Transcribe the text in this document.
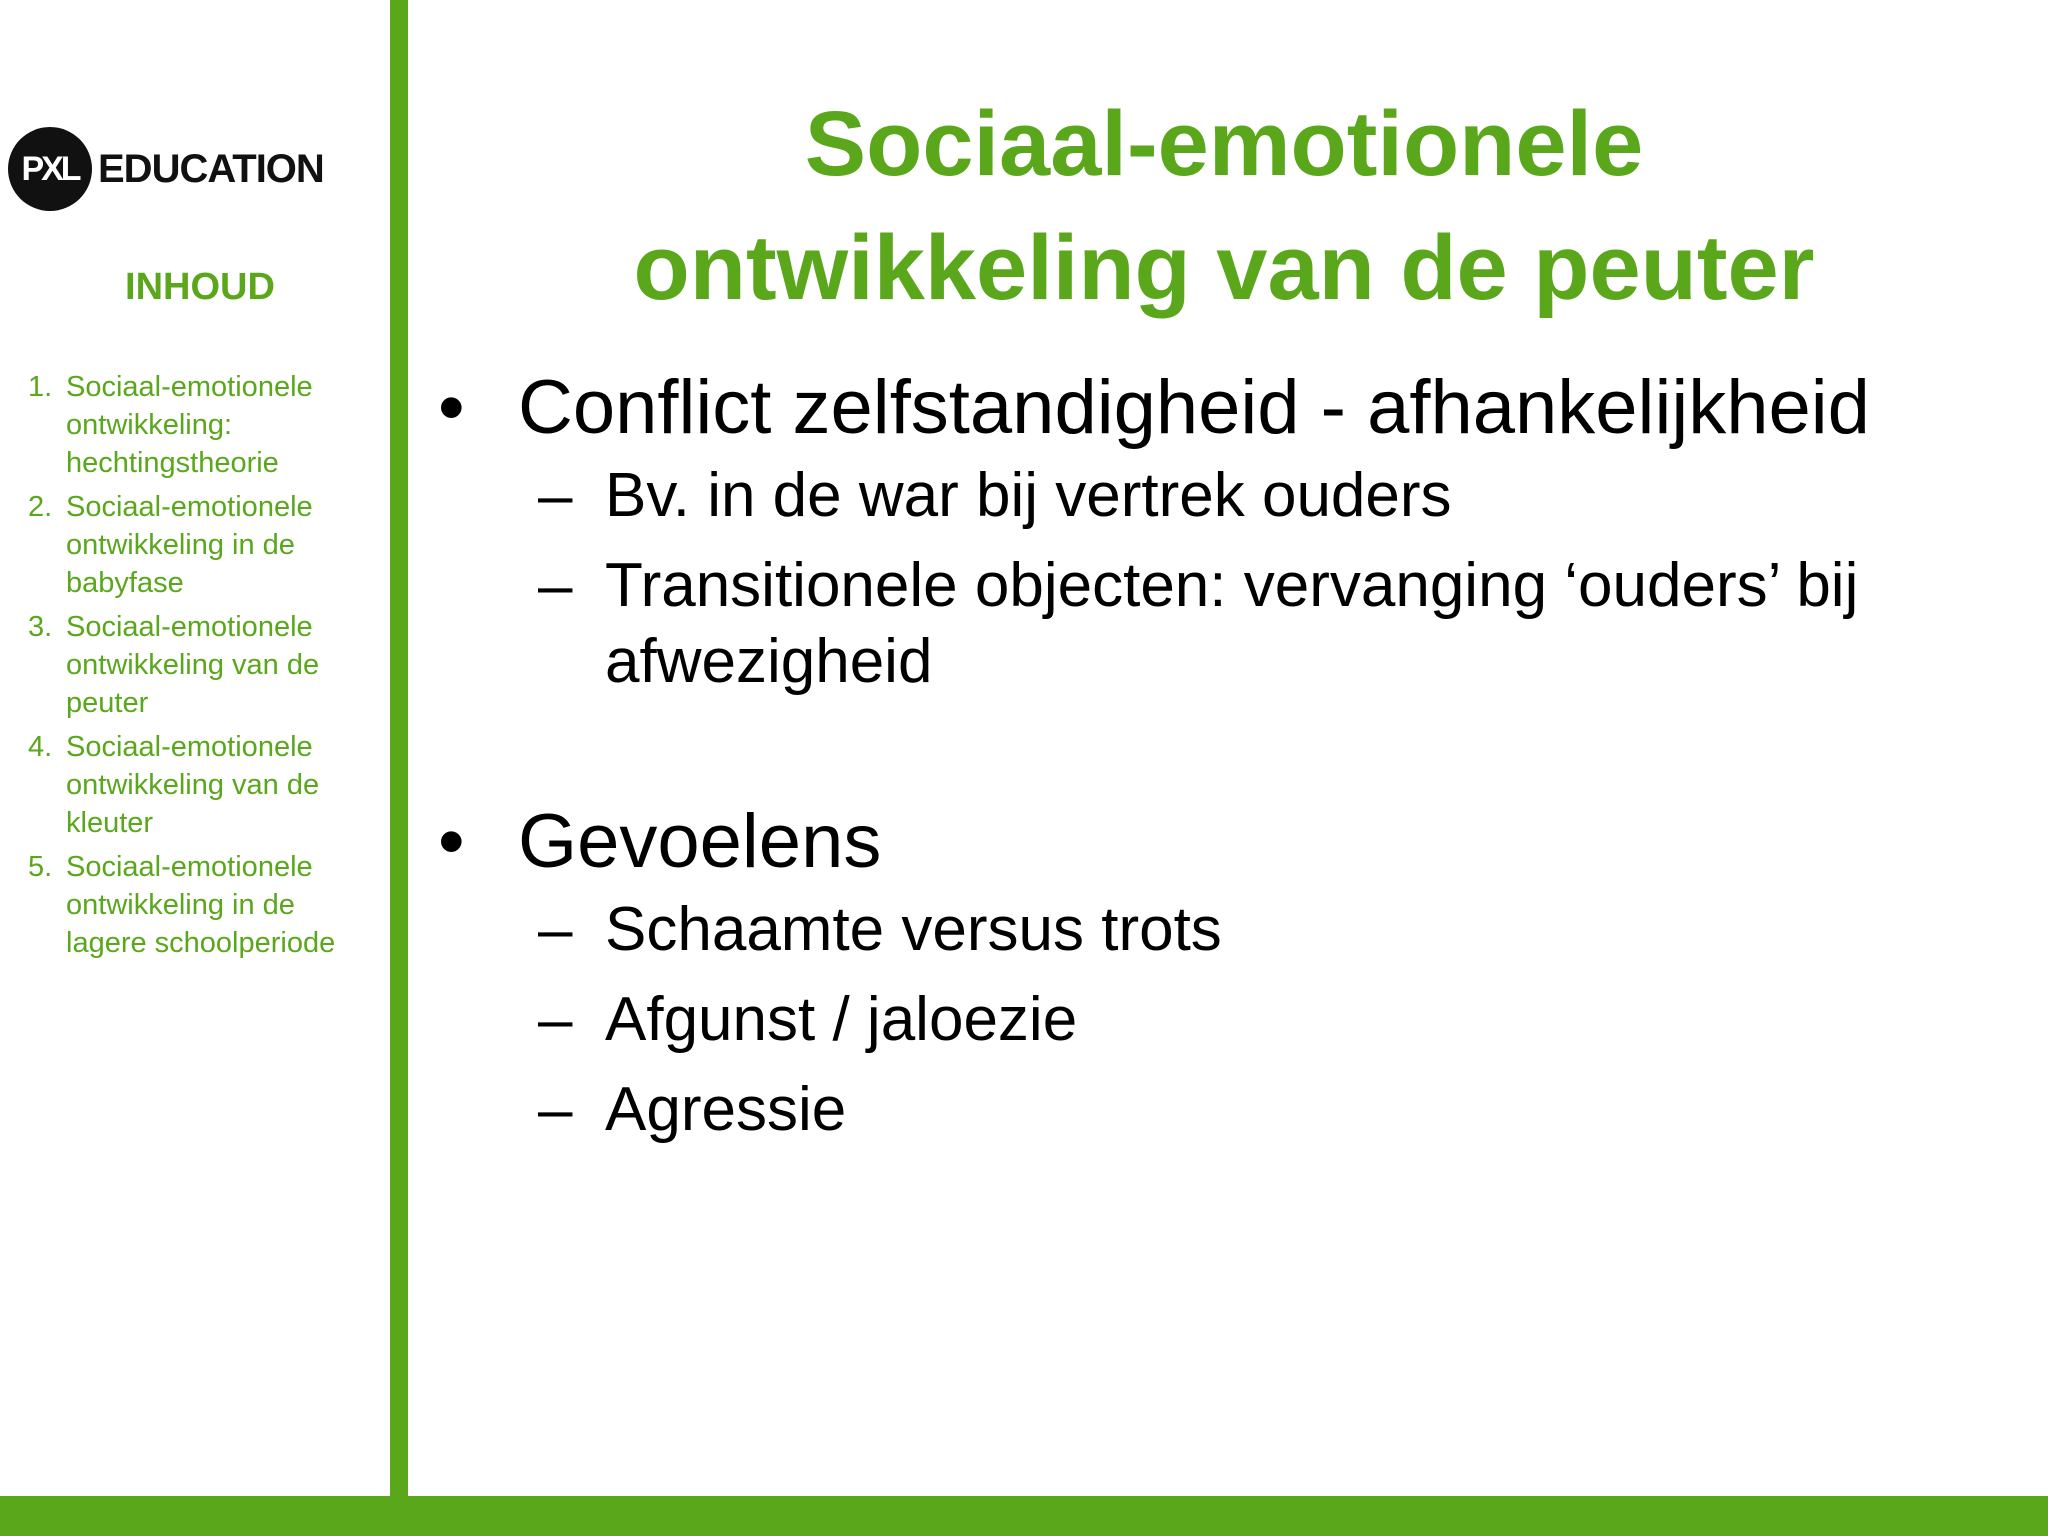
PXL EDUCATION
INHOUD
1. Sociaal-emotionele ontwikkeling: hechtingstheorie
2. Sociaal-emotionele ontwikkeling in de babyfase
3. Sociaal-emotionele ontwikkeling van de peuter
4. Sociaal-emotionele ontwikkeling van de kleuter
5. Sociaal-emotionele ontwikkeling in de lagere schoolperiode
Sociaal-emotionele
ontwikkeling van de peuter
• Conflict zelfstandigheid - afhankelijkheid
– Bv. in de war bij vertrek ouders
– Transitionele objecten: vervanging ‘ouders’ bij afwezigheid
• Gevoelens
– Schaamte versus trots
– Afgunst / jaloezie
– Agressie
